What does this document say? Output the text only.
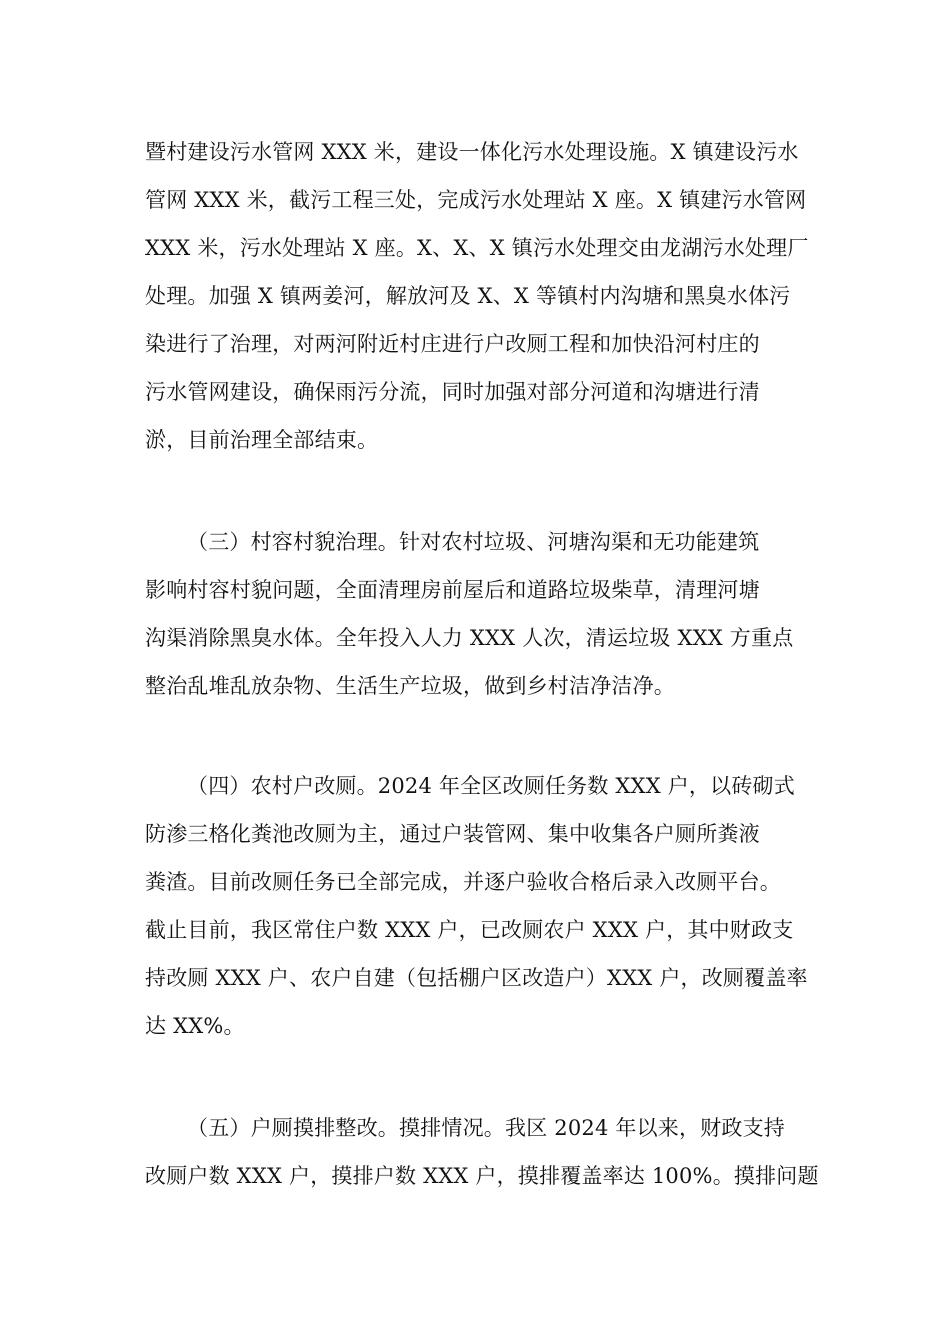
暨村建设污水管网 XXX 米，建设一体化污水处理设施。X 镇建设污水

管网 XXX 米，截污工程三处，完成污水处理站 X 座。X 镇建污水管网

XXX 米，污水处理站 X 座。X、X、X 镇污水处理交由龙湖污水处理厂

处理。加强 X 镇两姜河，解放河及 X、X 等镇村内沟塘和黑臭水体污

染进行了治理，对两河附近村庄进行户改厕工程和加快沿河村庄的

污水管网建设，确保雨污分流，同时加强对部分河道和沟塘进行清

淤，目前治理全部结束。

（三）村容村貌治理。针对农村垃圾、河塘沟渠和无功能建筑

影响村容村貌问题，全面清理房前屋后和道路垃圾柴草，清理河塘

沟渠消除黑臭水体。全年投入人力 XXX 人次，清运垃圾 XXX 方重点

整治乱堆乱放杂物、生活生产垃圾，做到乡村洁净洁净。

（四）农村户改厕。2024 年全区改厕任务数 XXX 户，以砖砌式

防渗三格化粪池改厕为主，通过户装管网、集中收集各户厕所粪液

粪渣。目前改厕任务已全部完成，并逐户验收合格后录入改厕平台。

截止目前，我区常住户数 XXX 户，已改厕农户 XXX 户，其中财政支

持改厕 XXX 户、农户自建（包括棚户区改造户）XXX 户，改厕覆盖率

达 XX%。

（五）户厕摸排整改。摸排情况。我区 2024 年以来，财政支持

改厕户数 XXX 户，摸排户数 XXX 户，摸排覆盖率达 100%。摸排问题
